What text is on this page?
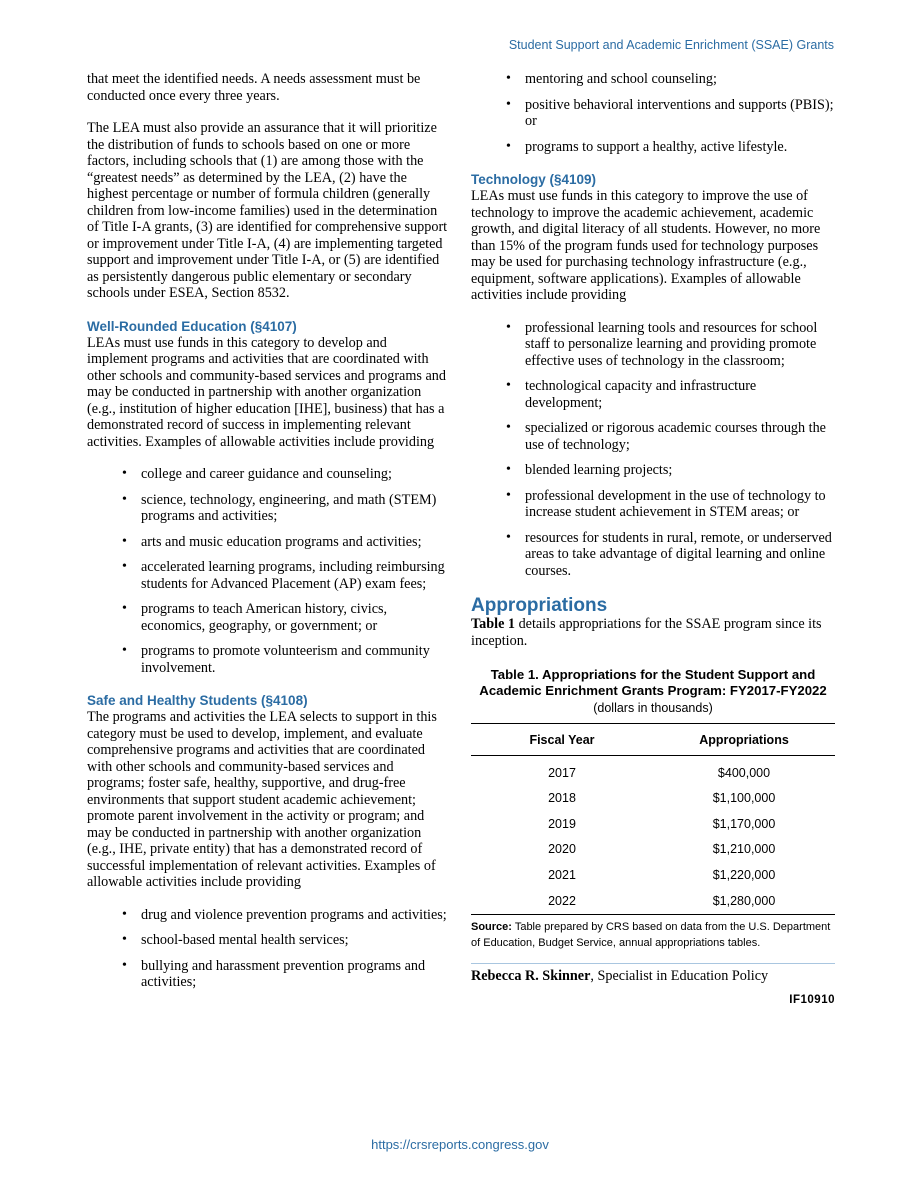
Student Support and Academic Enrichment (SSAE) Grants

that meet the identified needs. A needs assessment must be conducted once every three years.

The LEA must also provide an assurance that it will prioritize the distribution of funds to schools based on one or more factors, including schools that (1) are among those with the “greatest needs” as determined by the LEA, (2) have the highest percentage or number of formula children (generally children from low-income families) used in the determination of Title I-A grants, (3) are identified for comprehensive support or improvement under Title I-A, (4) are implementing targeted support and improvement under Title I-A, or (5) are identified as persistently dangerous public elementary or secondary schools under ESEA, Section 8532.

Well-Rounded Education (§4107)
LEAs must use funds in this category to develop and implement programs and activities that are coordinated with other schools and community-based services and programs and may be conducted in partnership with another organization (e.g., institution of higher education [IHE], business) that has a demonstrated record of success in implementing relevant activities. Examples of allowable activities include providing
• college and career guidance and counseling;
• science, technology, engineering, and math (STEM) programs and activities;
• arts and music education programs and activities;
• accelerated learning programs, including reimbursing students for Advanced Placement (AP) exam fees;
• programs to teach American history, civics, economics, geography, or government; or
• programs to promote volunteerism and community involvement.
Safe and Healthy Students (§4108)
The programs and activities the LEA selects to support in this category must be used to develop, implement, and evaluate comprehensive programs and activities that are coordinated with other schools and community-based services and programs; foster safe, healthy, supportive, and drug-free environments that support student academic achievement; promote parent involvement in the activity or program; and may be conducted in partnership with another organization (e.g., IHE, private entity) that has a demonstrated record of successful implementation of relevant activities. Examples of allowable activities include providing
• drug and violence prevention programs and activities;
• school-based mental health services;
• bullying and harassment prevention programs and activities;
• mentoring and school counseling;
• positive behavioral interventions and supports (PBIS); or
• programs to support a healthy, active lifestyle.
Technology (§4109)
LEAs must use funds in this category to improve the use of technology to improve the academic achievement, academic growth, and digital literacy of all students. However, no more than 15% of the program funds used for technology purposes may be used for purchasing technology infrastructure (e.g., equipment, software applications). Examples of allowable activities include providing
• professional learning tools and resources for school staff to personalize learning and providing promote effective uses of technology in the classroom;
• technological capacity and infrastructure development;
• specialized or rigorous academic courses through the use of technology;
• blended learning projects;
• professional development in the use of technology to increase student achievement in STEM areas; or
• resources for students in rural, remote, or underserved areas to take advantage of digital learning and online courses.
Appropriations
Table 1 details appropriations for the SSAE program since its inception.
Table 1. Appropriations for the Student Support and Academic Enrichment Grants Program: FY2017-FY2022
(dollars in thousands)
Fiscal Year	Appropriations
2017	$400,000
2018	$1,100,000
2019	$1,170,000
2020	$1,210,000
2021	$1,220,000
2022	$1,280,000
Source: Table prepared by CRS based on data from the U.S. Department of Education, Budget Service, annual appropriations tables.
Rebecca R. Skinner, Specialist in Education Policy
IF10910
https://crsreports.congress.gov
